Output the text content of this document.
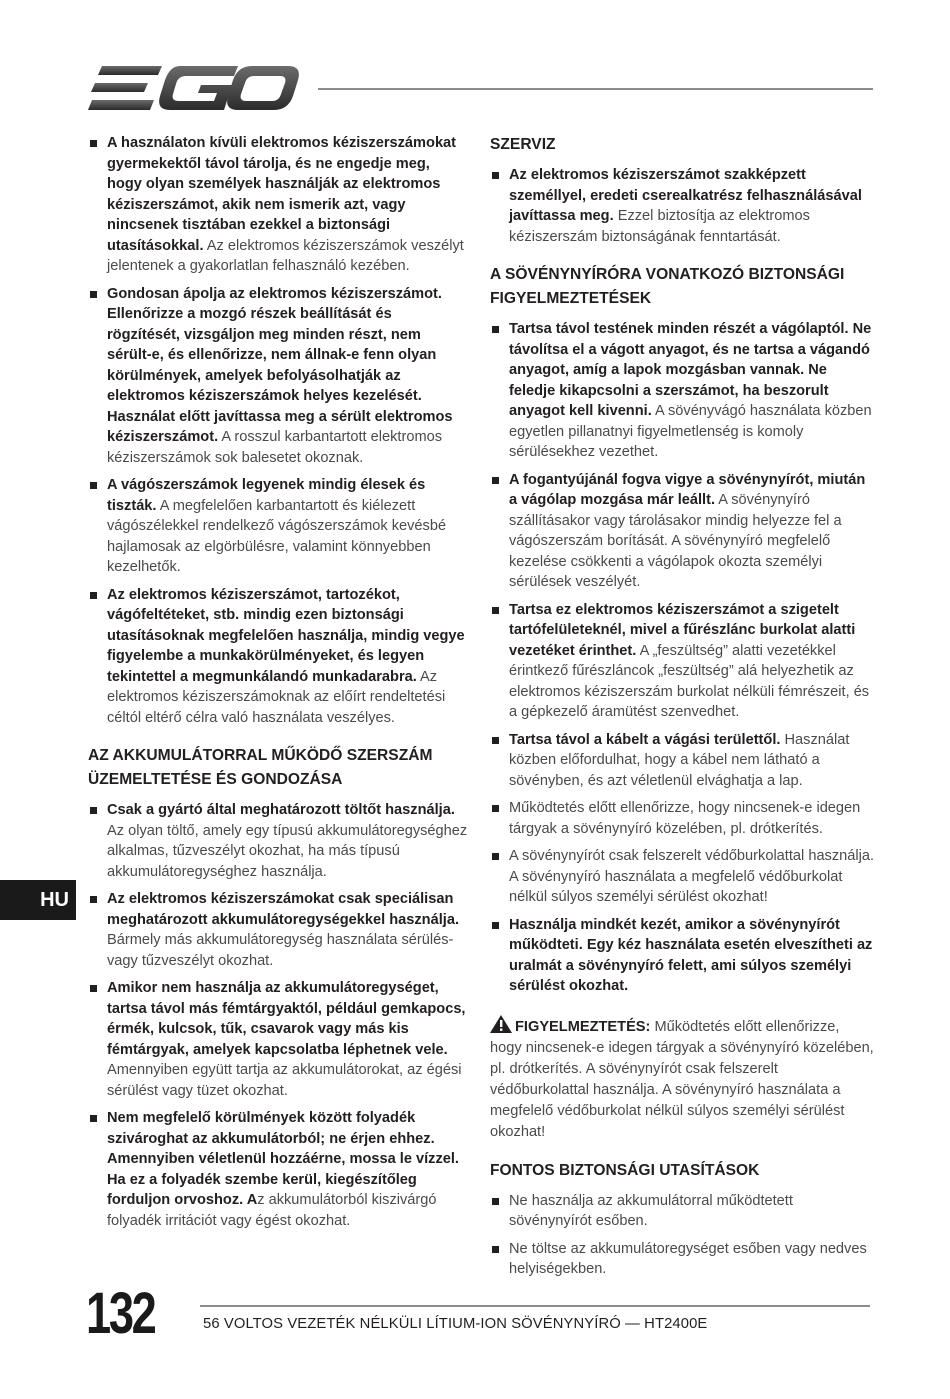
HU
A használaton kívüli elektromos kéziszerszámokat gyermekektől távol tárolja, és ne engedje meg, hogy olyan személyek használják az elektromos kéziszerszámot, akik nem ismerik azt, vagy nincsenek tisztában ezekkel a biztonsági utasításokkal. Az elektromos kéziszerszámok veszélyt jelentenek a gyakorlatlan felhasználó kezében.
Gondosan ápolja az elektromos kéziszerszámot. Ellenőrizze a mozgó részek beállítását és rögzítését, vizsgáljon meg minden részt, nem sérült-e, és ellenőrizze, nem állnak-e fenn olyan körülmények, amelyek befolyásolhatják az elektromos kéziszerszámok helyes kezelését. Használat előtt javíttassa meg a sérült elektromos kéziszerszámot. A rosszul karbantartott elektromos kéziszerszámok sok balesetet okoznak.
A vágószerszámok legyenek mindig élesek és tiszták. A megfelelően karbantartott és kiélezett vágószélekkel rendelkező vágószerszámok kevésbé hajlamosak az elgörbülésre, valamint könnyebben kezelhetők.
Az elektromos kéziszerszámot, tartozékot, vágófeltéteket, stb. mindig ezen biztonsági utasításoknak megfelelően használja, mindig vegye figyelembe a munkakörülményeket, és legyen tekintettel a megmunkálandó munkadarabra. Az elektromos kéziszerszámoknak az előírt rendeltetési céltól eltérő célra való használata veszélyes.
AZ AKKUMULÁTORRAL MŰKÖDŐ SZERSZÁM ÜZEMELTETÉSE ÉS GONDOZÁSA
Csak a gyártó által meghatározott töltőt használja. Az olyan töltő, amely egy típusú akkumulátoregységhez alkalmas, tűzveszélyt okozhat, ha más típusú akkumulátoregységhez használja.
Az elektromos kéziszerszámokat csak speciálisan meghatározott akkumulátoregységekkel használja. Bármely más akkumulátoregység használata sérülés- vagy tűzveszélyt okozhat.
Amikor nem használja az akkumulátoregységet, tartsa távol más fémtárgyaktól, például gemkapocs, érmék, kulcsok, tűk, csavarok vagy más kis fémtárgyak, amelyek kapcsolatba léphetnek vele. Amennyiben együtt tartja az akkumulátorokat, az égési sérülést vagy tüzet okozhat.
Nem megfelelő körülmények között folyadék szivároghat az akkumulátorból; ne érjen ehhez. Amennyiben véletlenül hozzáérne, mossa le vízzel. Ha ez a folyadék szembe kerül, kiegészítőleg forduljon orvoshoz. Az akkumulátorból kiszivárgó folyadék irritációt vagy égést okozhat.
SZERVIZ
Az elektromos kéziszerszámot szakképzett személlyel, eredeti cserealkatrész felhasználásával javíttassa meg. Ezzel biztosítja az elektromos kéziszerszám biztonságának fenntartását.
A SÖVÉNYNYÍRÓRA VONATKOZÓ BIZTONSÁGI FIGYELMEZTETÉSEK
Tartsa távol testének minden részét a vágólaptól. Ne távolítsa el a vágott anyagot, és ne tartsa a vágandó anyagot, amíg a lapok mozgásban vannak. Ne feledje kikapcsolni a szerszámot, ha beszorult anyagot kell kivenni. A sövényvágó használata közben egyetlen pillanatnyi figyelmetlenség is komoly sérülésekhez vezethet.
A fogantyújánál fogva vigye a sövénynyírót, miután a vágólap mozgása már leállt. A sövénynyíró szállításakor vagy tárolásakor mindig helyezze fel a vágószerszám borítását. A sövénynyíró megfelelő kezelése csökkenti a vágólapok okozta személyi sérülések veszélyét.
Tartsa ez elektromos kéziszerszámot a szigetelt tartófelületeknél, mivel a fűrészlánc burkolat alatti vezetéket érinthet. A „feszültség” alatti vezetékkel érintkező fűrészláncok „feszültség” alá helyezhetik az elektromos kéziszerszám burkolat nélküli fémrészeit, és a gépkezelő áramütést szenvedhet.
Tartsa távol a kábelt a vágási területtől. Használat közben előfordulhat, hogy a kábel nem látható a sövényben, és azt véletlenül elvághatja a lap.
Működtetés előtt ellenőrizze, hogy nincsenek-e idegen tárgyak a sövénynyíró közelében, pl. drótkerítés.
A sövénynyírót csak felszerelt védőburkolattal használja. A sövénynyíró használata a megfelelő védőburkolat nélkül súlyos személyi sérülést okozhat!
Használja mindkét kezét, amikor a sövénynyírót működteti. Egy kéz használata esetén elveszítheti az uralmát a sövénynyíró felett, ami súlyos személyi sérülést okozhat.
FIGYELMEZTETÉS: Működtetés előtt ellenőrizze, hogy nincsenek-e idegen tárgyak a sövénynyíró közelében, pl. drótkerítés. A sövénynyírót csak felszerelt védőburkolattal használja. A sövénynyíró használata a megfelelő védőburkolat nélkül súlyos személyi sérülést okozhat!
FONTOS BIZTONSÁGI UTASÍTÁSOK
Ne használja az akkumulátorral működtetett sövénynyírót esőben.
Ne töltse az akkumulátoregységet esőben vagy nedves helyiségekben.
132	56 VOLTOS VEZETÉK NÉLKÜLI LÍTIUM-ION SÖVÉNYNYÍRÓ — HT2400E
